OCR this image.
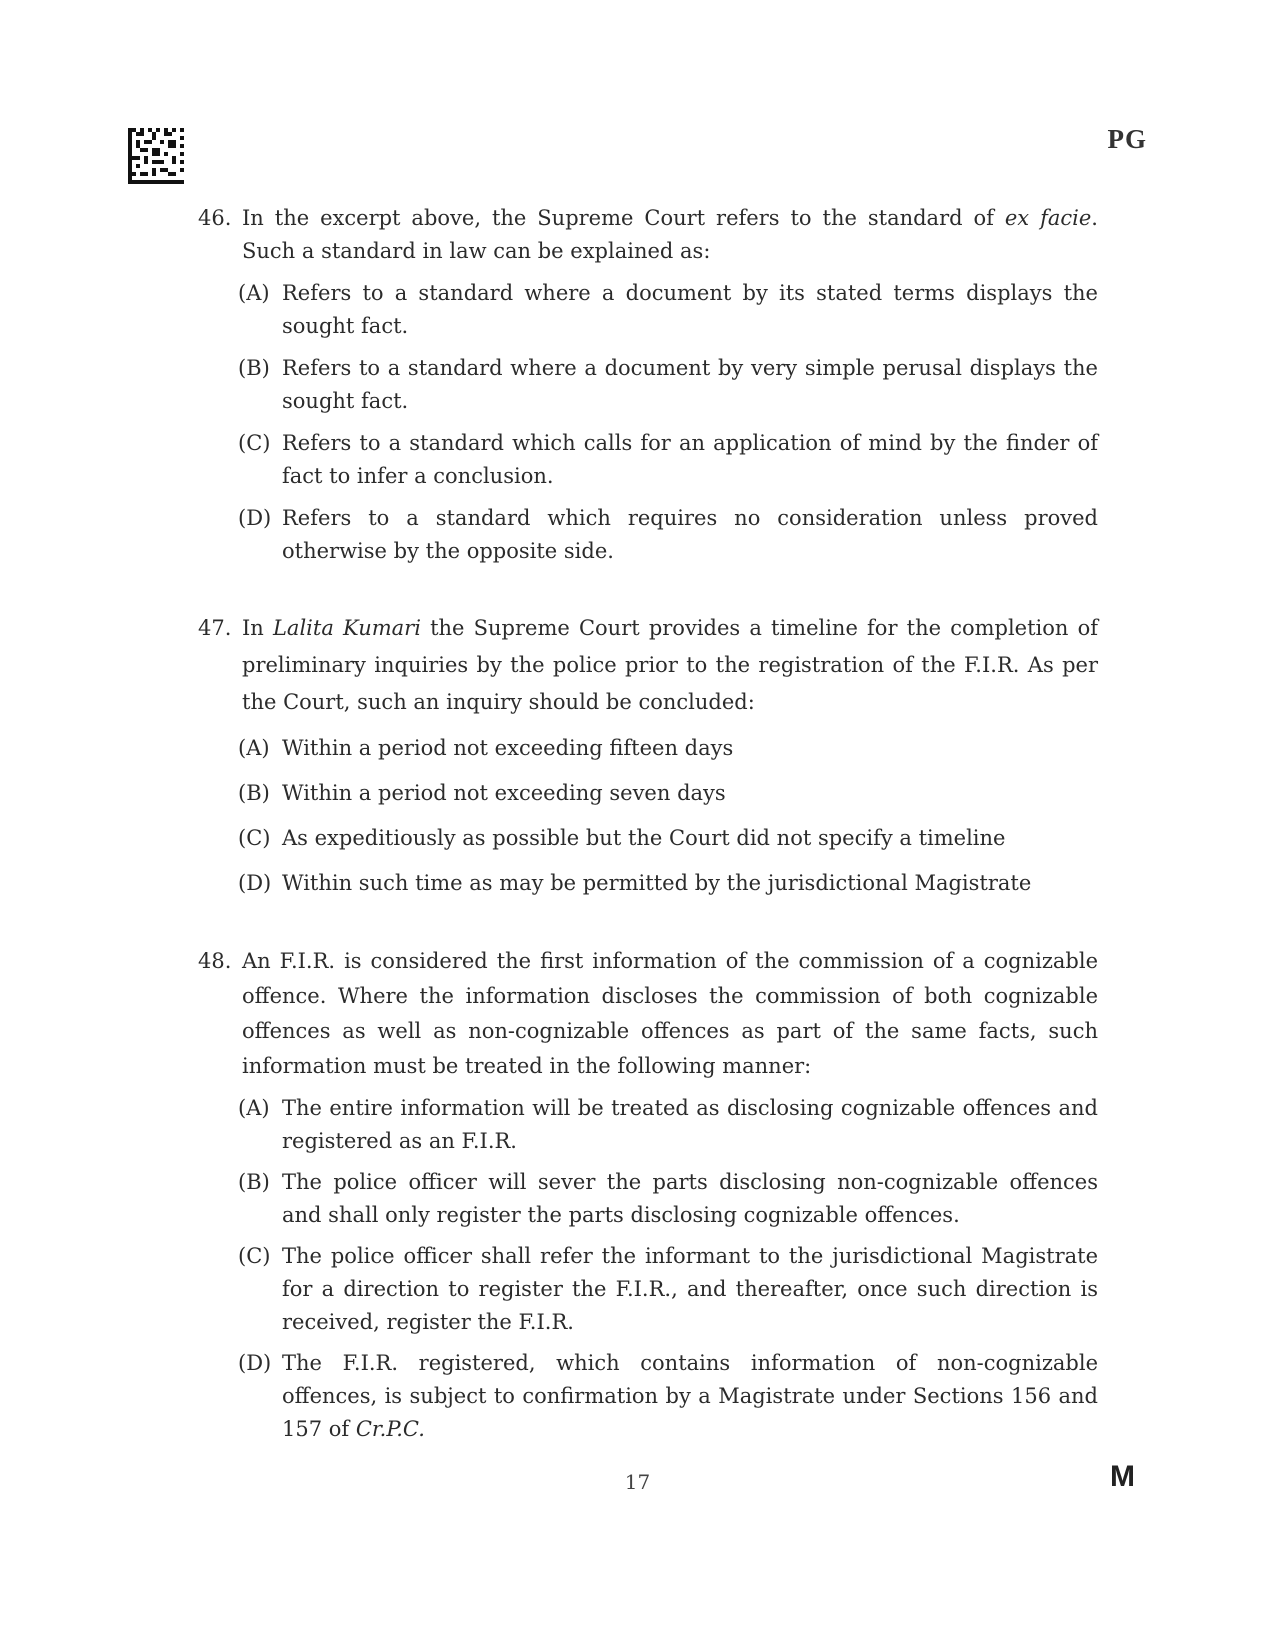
PG
46. In the excerpt above, the Supreme Court refers to the standard of ex facie. Such a standard in law can be explained as:
(A) Refers to a standard where a document by its stated terms displays the sought fact.
(B) Refers to a standard where a document by very simple perusal displays the sought fact.
(C) Refers to a standard which calls for an application of mind by the finder of fact to infer a conclusion.
(D) Refers to a standard which requires no consideration unless proved otherwise by the opposite side.
47. In Lalita Kumari the Supreme Court provides a timeline for the completion of preliminary inquiries by the police prior to the registration of the F.I.R. As per the Court, such an inquiry should be concluded:
(A) Within a period not exceeding fifteen days
(B) Within a period not exceeding seven days
(C) As expeditiously as possible but the Court did not specify a timeline
(D) Within such time as may be permitted by the jurisdictional Magistrate
48. An F.I.R. is considered the first information of the commission of a cognizable offence. Where the information discloses the commission of both cognizable offences as well as non-cognizable offences as part of the same facts, such information must be treated in the following manner:
(A) The entire information will be treated as disclosing cognizable offences and registered as an F.I.R.
(B) The police officer will sever the parts disclosing non-cognizable offences and shall only register the parts disclosing cognizable offences.
(C) The police officer shall refer the informant to the jurisdictional Magistrate for a direction to register the F.I.R., and thereafter, once such direction is received, register the F.I.R.
(D) The F.I.R. registered, which contains information of non-cognizable offences, is subject to confirmation by a Magistrate under Sections 156 and 157 of Cr.P.C.
17	M
